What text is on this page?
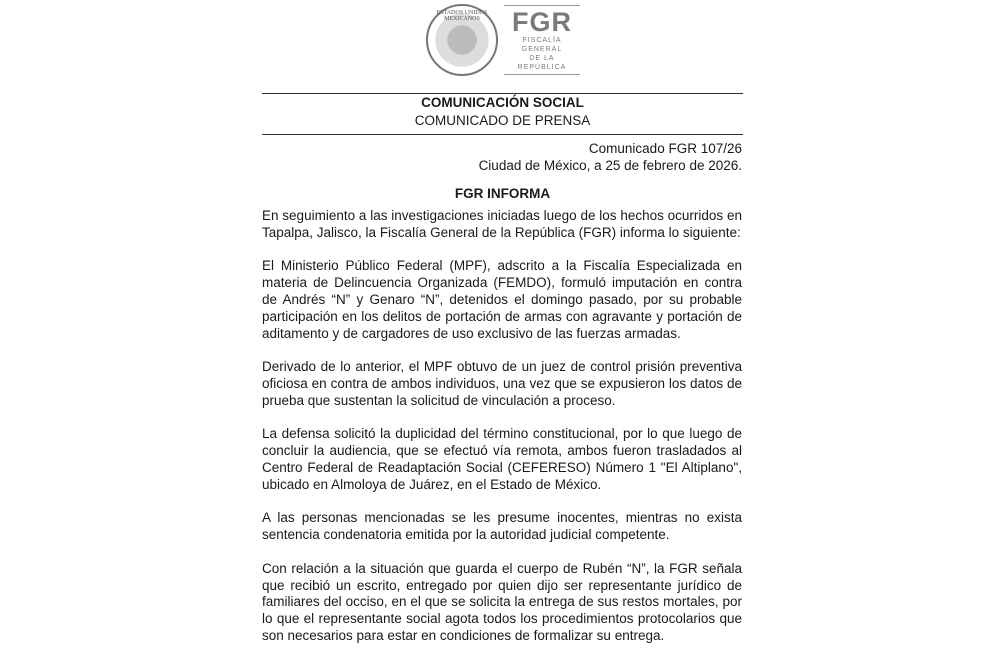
ESTADOS UNIDOS MEXICANOS	FGR
FISCALÍA GENERAL
DE LA REPÚBLICA
COMUNICACIÓN SOCIAL
COMUNICADO DE PRENSA
Comunicado FGR 107/26
Ciudad de México, a 25 de febrero de 2026.
FGR INFORMA

En seguimiento a las investigaciones iniciadas luego de los hechos ocurridos en Tapalpa, Jalisco, la Fiscalía General de la República (FGR) informa lo siguiente:

El Ministerio Público Federal (MPF), adscrito a la Fiscalía Especializada en materia de Delincuencia Organizada (FEMDO), formuló imputación en contra de Andrés “N” y Genaro “N”, detenidos el domingo pasado, por su probable participación en los delitos de portación de armas con agravante y portación de aditamento y de cargadores de uso exclusivo de las fuerzas armadas.

Derivado de lo anterior, el MPF obtuvo de un juez de control prisión preventiva oficiosa en contra de ambos individuos, una vez que se expusieron los datos de prueba que sustentan la solicitud de vinculación a proceso.

La defensa solicitó la duplicidad del término constitucional, por lo que luego de concluir la audiencia, que se efectuó vía remota, ambos fueron trasladados al Centro Federal de Readaptación Social (CEFERESO) Número 1 "El Altiplano", ubicado en Almoloya de Juárez, en el Estado de México.

A las personas mencionadas se les presume inocentes, mientras no exista sentencia condenatoria emitida por la autoridad judicial competente.

Con relación a la situación que guarda el cuerpo de Rubén “N”, la FGR señala que recibió un escrito, entregado por quien dijo ser representante jurídico de familiares del occiso, en el que se solicita la entrega de sus restos mortales, por lo que el representante social agota todos los procedimientos protocolarios que son necesarios para estar en condiciones de formalizar su entrega.
